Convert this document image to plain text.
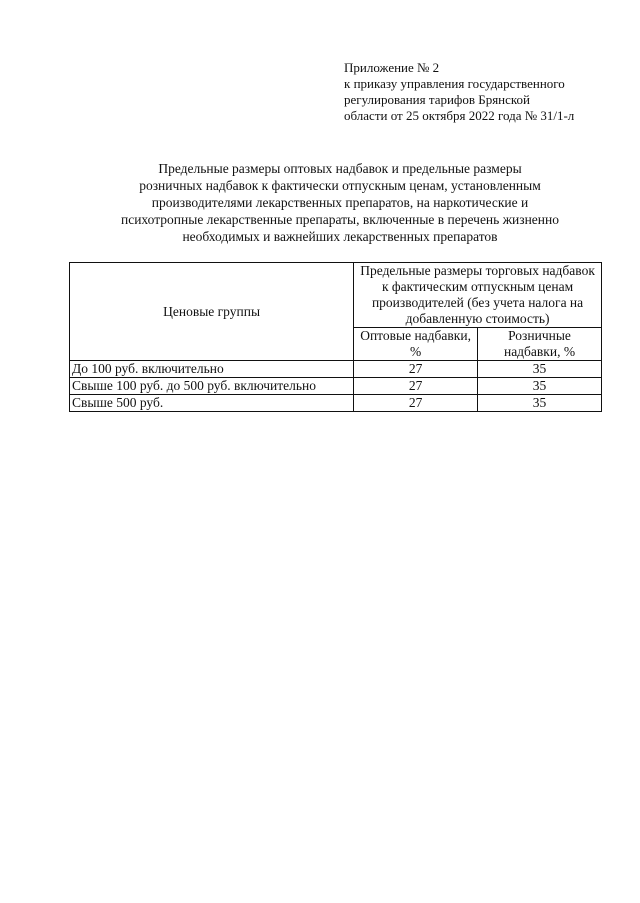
Приложение № 2
к приказу управления государственного
регулирования тарифов Брянской
области от 25 октября 2022 года № 31/1-л
Предельные размеры оптовых надбавок и предельные размеры
розничных надбавок к фактически отпускным ценам, установленным
производителями лекарственных препаратов, на наркотические и
психотропные лекарственные препараты, включенные в перечень жизненно
необходимых и важнейших лекарственных препаратов
Ценовые группы	Предельные размеры торговых надбавок к фактическим отпускным ценам производителей (без учета налога на добавленную стоимость)	
	Оптовые надбавки, %	Розничные надбавки, %
До 100 руб. включительно	27	35
Свыше 100 руб. до 500 руб. включительно	27	35
Свыше 500 руб.	27	35
